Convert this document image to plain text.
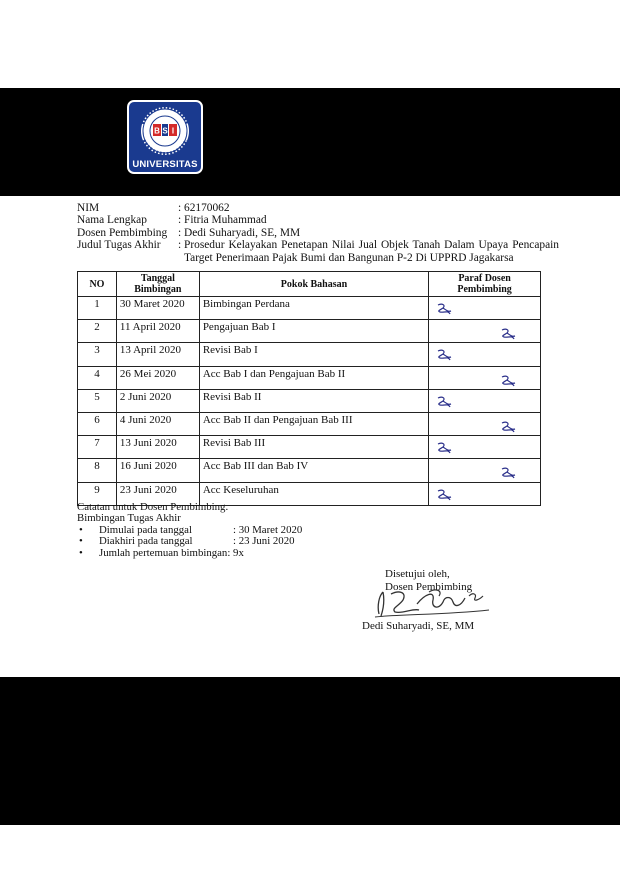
B S I
UNIVERSITAS
NIM	: 62170062
Nama Lengkap	: Fitria Muhammad
Dosen Pembimbing : Dedi Suharyadi, SE, MM
Judul Tugas Akhir	: Prosedur Kelayakan Penetapan Nilai Jual Objek Tanah Dalam Upaya Pencapain Target Penerimaan Pajak Bumi dan Bangunan P-2 Di UPPRD Jagakarsa
NO	Tanggal Bimbingan	Pokok Bahasan	Paraf Dosen Pembimbing
1	30 Maret 2020	Bimbingan Perdana	

2	11 April 2020	Pengajuan Bab I	

3	13 April 2020	Revisi Bab I	

4	26 Mei 2020	Acc Bab I dan Pengajuan Bab II	

5	2 Juni 2020	Revisi Bab II	

6	4 Juni 2020	Acc Bab II dan Pengajuan Bab III	

7	13 Juni 2020	Revisi Bab III	

8	16 Juni 2020	Acc Bab III dan Bab IV	

9	23 Juni 2020	Acc Keseluruhan	
Catatan untuk Dosen Pembimbing.
Bimbingan Tugas Akhir
•	Dimulai pada tanggal	: 30 Maret 2020
•	Diakhiri pada tanggal	: 23 Juni 2020
•	Jumlah pertemuan bimbingan : 9x
Disetujui oleh,
Dosen Pembimbing
Dedi Suharyadi, SE, MM
